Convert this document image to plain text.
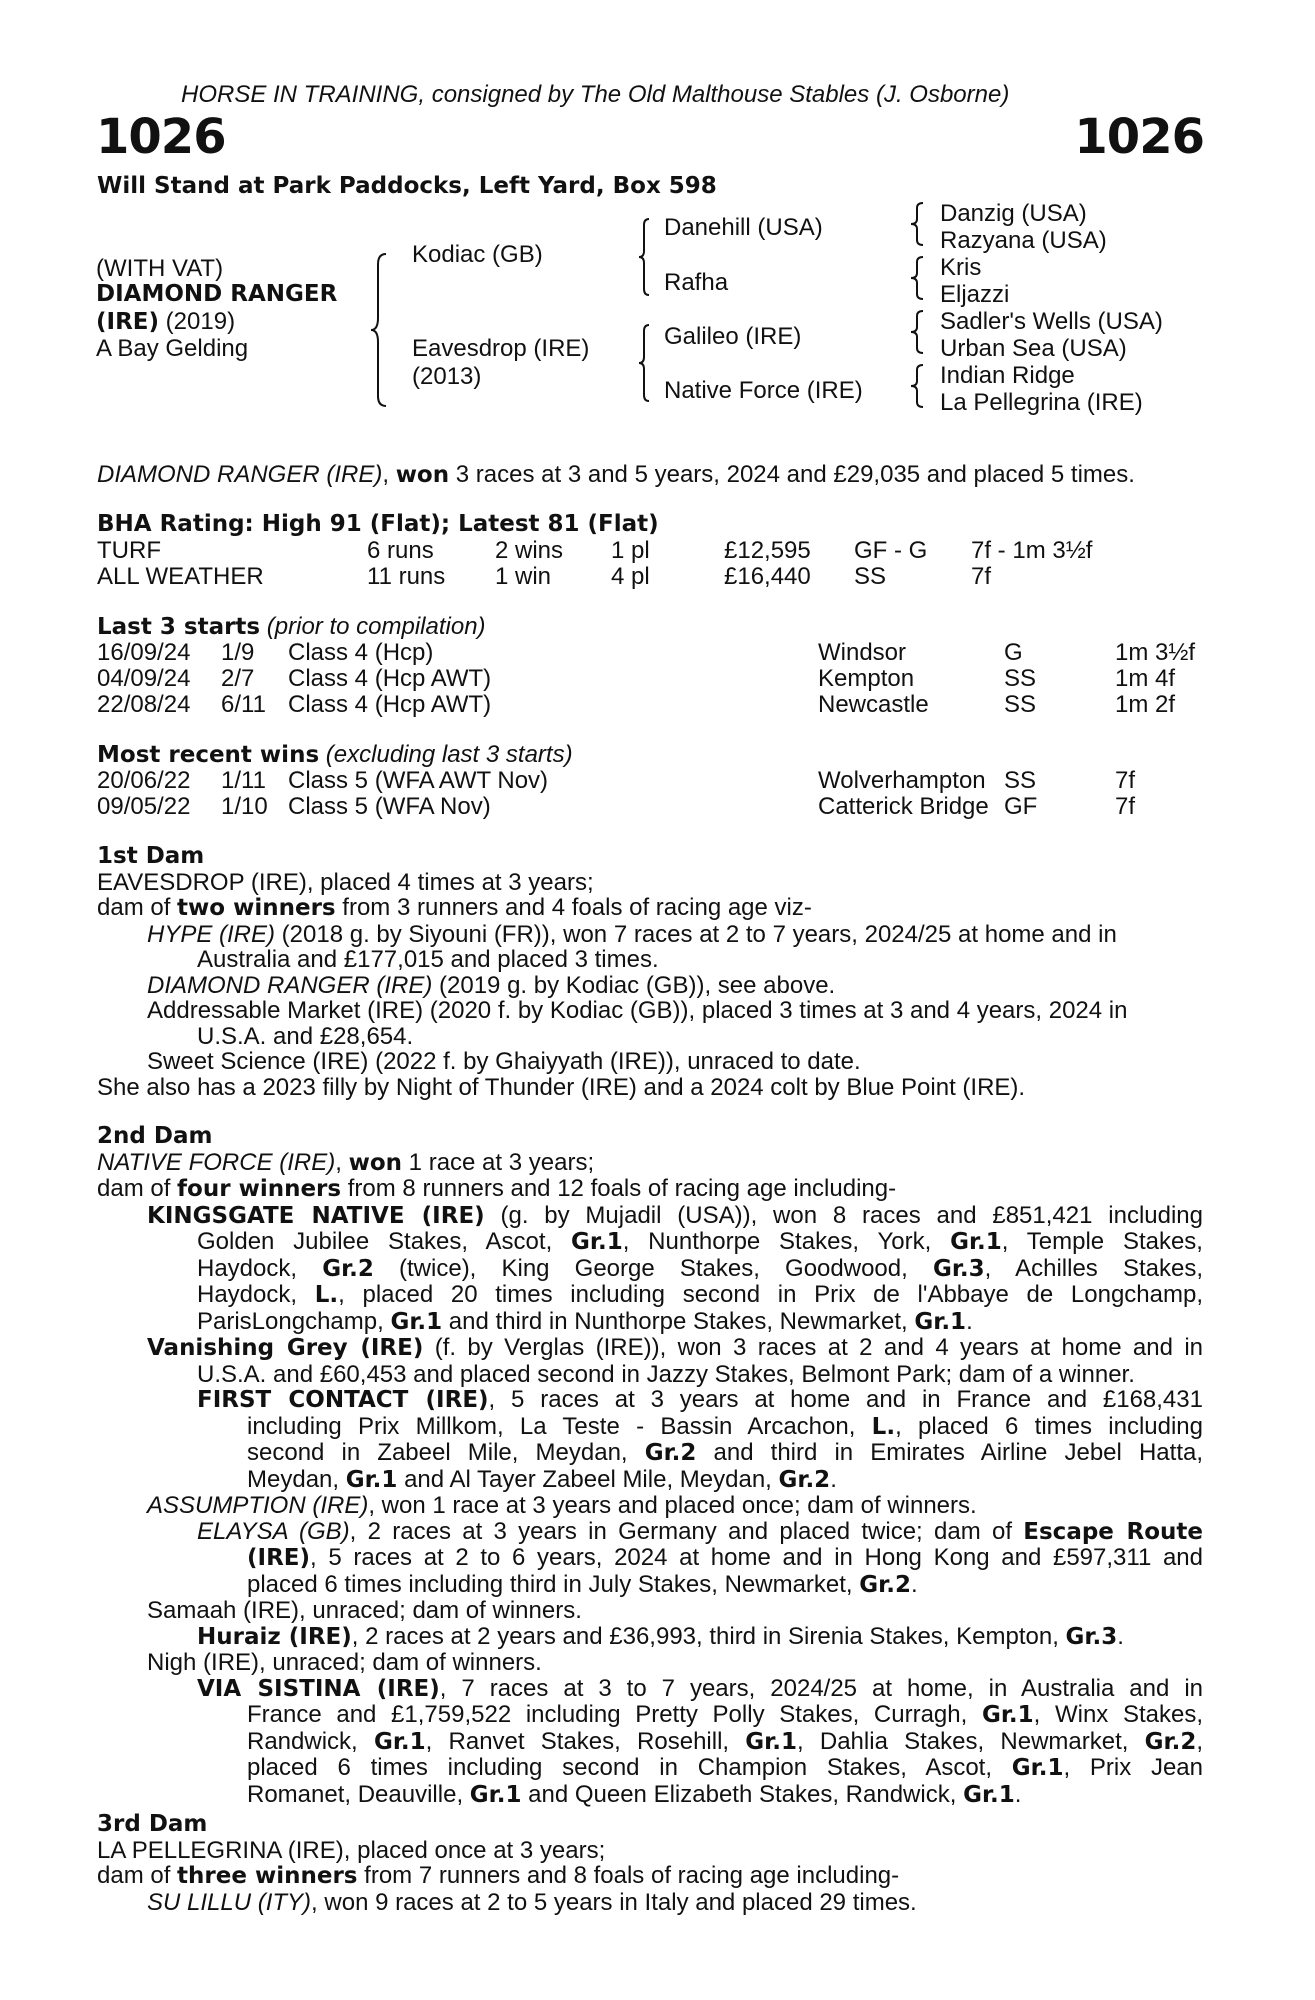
HORSE IN TRAINING, consigned by The Old Malthouse Stables (J. Osborne)
1026	1026
Will Stand at Park Paddocks, Left Yard, Box 598
(WITH VAT)
DIAMOND RANGER
(IRE) (2019)
A Bay Gelding
Kodiac (GB)
Eavesdrop (IRE)
(2013)
Danehill (USA)
Rafha
Galileo (IRE)
Native Force (IRE)
Danzig (USA)
Razyana (USA)
Kris
Eljazzi
Sadler's Wells (USA)
Urban Sea (USA)
Indian Ridge
La Pellegrina (IRE)
DIAMOND RANGER (IRE), won 3 races at 3 and 5 years, 2024 and £29,035 and placed 5 times.
BHA Rating: High 91 (Flat); Latest 81 (Flat)
TURF	6 runs	2 wins 1 pl	£12,595 GF - G 7f - 1m 3½f
ALL WEATHER	11 runs 1 win 4 pl	£16,440 SS	7f
Last 3 starts (prior to compilation)
16/09/24 1/9 Class 4 (Hcp)	Windsor	G	1m 3½f
04/09/24 2/7 Class 4 (Hcp AWT)	Kempton	SS	1m 4f
22/08/24 6/11 Class 4 (Hcp AWT)	Newcastle	SS	1m 2f
Most recent wins (excluding last 3 starts)
20/06/22 1/11 Class 5 (WFA AWT Nov)	Wolverhampton SS	7f
09/05/22 1/10 Class 5 (WFA Nov)	Catterick Bridge GF	7f
1st Dam
EAVESDROP (IRE), placed 4 times at 3 years;
dam of two winners from 3 runners and 4 foals of racing age viz-
HYPE (IRE) (2018 g. by Siyouni (FR)), won 7 races at 2 to 7 years, 2024/25 at home and in
Australia and £177,015 and placed 3 times.
DIAMOND RANGER (IRE) (2019 g. by Kodiac (GB)), see above.
Addressable Market (IRE) (2020 f. by Kodiac (GB)), placed 3 times at 3 and 4 years, 2024 in
U.S.A. and £28,654.
Sweet Science (IRE) (2022 f. by Ghaiyyath (IRE)), unraced to date.
She also has a 2023 filly by Night of Thunder (IRE) and a 2024 colt by Blue Point (IRE).
2nd Dam
NATIVE FORCE (IRE), won 1 race at 3 years;
dam of four winners from 8 runners and 12 foals of racing age including-
KINGSGATE NATIVE (IRE) (g. by Mujadil (USA)), won 8 races and £851,421 including
Golden Jubilee Stakes, Ascot, Gr.1, Nunthorpe Stakes, York, Gr.1, Temple Stakes,
Haydock, Gr.2 (twice), King George Stakes, Goodwood, Gr.3, Achilles Stakes,
Haydock, L., placed 20 times including second in Prix de l'Abbaye de Longchamp,
ParisLongchamp, Gr.1 and third in Nunthorpe Stakes, Newmarket, Gr.1.
Vanishing Grey (IRE) (f. by Verglas (IRE)), won 3 races at 2 and 4 years at home and in
U.S.A. and £60,453 and placed second in Jazzy Stakes, Belmont Park; dam of a winner.
FIRST CONTACT (IRE), 5 races at 3 years at home and in France and £168,431
including Prix Millkom, La Teste - Bassin Arcachon, L., placed 6 times including
second in Zabeel Mile, Meydan, Gr.2 and third in Emirates Airline Jebel Hatta,
Meydan, Gr.1 and Al Tayer Zabeel Mile, Meydan, Gr.2.
ASSUMPTION (IRE), won 1 race at 3 years and placed once; dam of winners.
ELAYSA (GB), 2 races at 3 years in Germany and placed twice; dam of Escape Route
(IRE), 5 races at 2 to 6 years, 2024 at home and in Hong Kong and £597,311 and
placed 6 times including third in July Stakes, Newmarket, Gr.2.
Samaah (IRE), unraced; dam of winners.
Huraiz (IRE), 2 races at 2 years and £36,993, third in Sirenia Stakes, Kempton, Gr.3.
Nigh (IRE), unraced; dam of winners.
VIA SISTINA (IRE), 7 races at 3 to 7 years, 2024/25 at home, in Australia and in
France and £1,759,522 including Pretty Polly Stakes, Curragh, Gr.1, Winx Stakes,
Randwick, Gr.1, Ranvet Stakes, Rosehill, Gr.1, Dahlia Stakes, Newmarket, Gr.2,
placed 6 times including second in Champion Stakes, Ascot, Gr.1, Prix Jean
Romanet, Deauville, Gr.1 and Queen Elizabeth Stakes, Randwick, Gr.1.
3rd Dam
LA PELLEGRINA (IRE), placed once at 3 years;
dam of three winners from 7 runners and 8 foals of racing age including-
SU LILLU (ITY), won 9 races at 2 to 5 years in Italy and placed 29 times.
